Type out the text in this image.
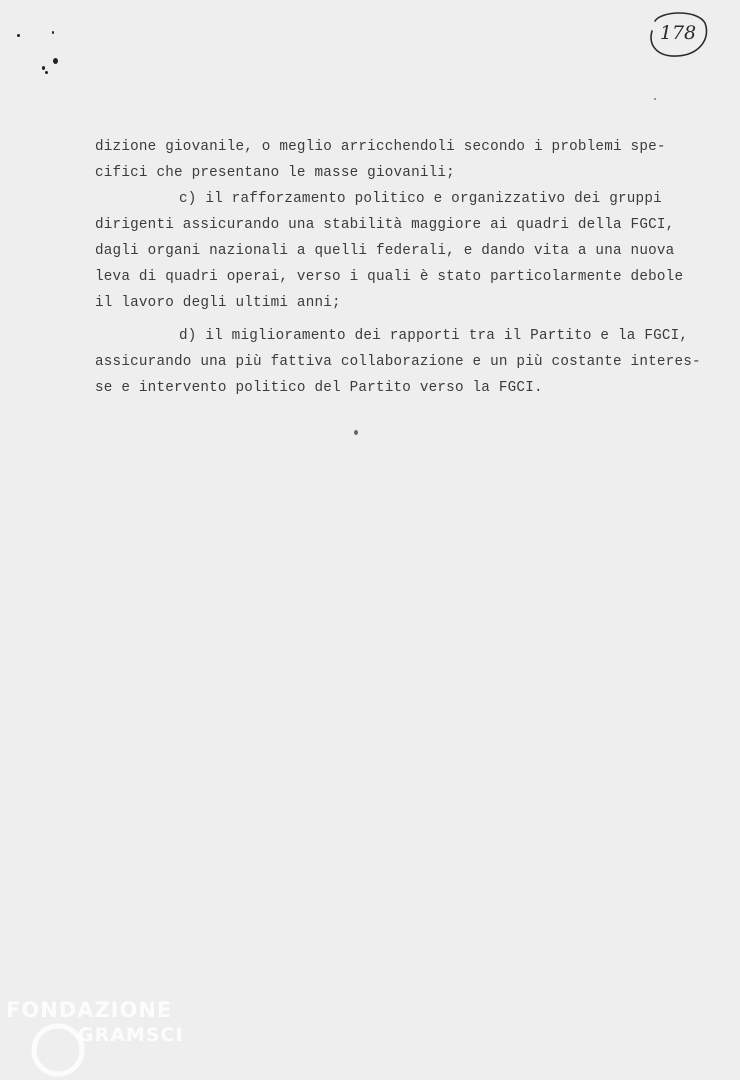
178
dizione giovanile, o meglio arricchendoli secondo i problemi spe-
cifici che presentano le masse giovanili;
c) il rafforzamento politico e organizzativo dei gruppi
dirigenti assicurando una stabilità maggiore ai quadri della FGCI,
dagli organi nazionali a quelli federali, e dando vita a una nuova
leva di quadri operai, verso i quali è stato particolarmente debole
il lavoro degli ultimi anni;
d) il miglioramento dei rapporti tra il Partito e la FGCI,
assicurando una più fattiva collaborazione e un più costante interes-
se e intervento politico del Partito verso la FGCI.
FONDAZIONE
GRAMSCI
